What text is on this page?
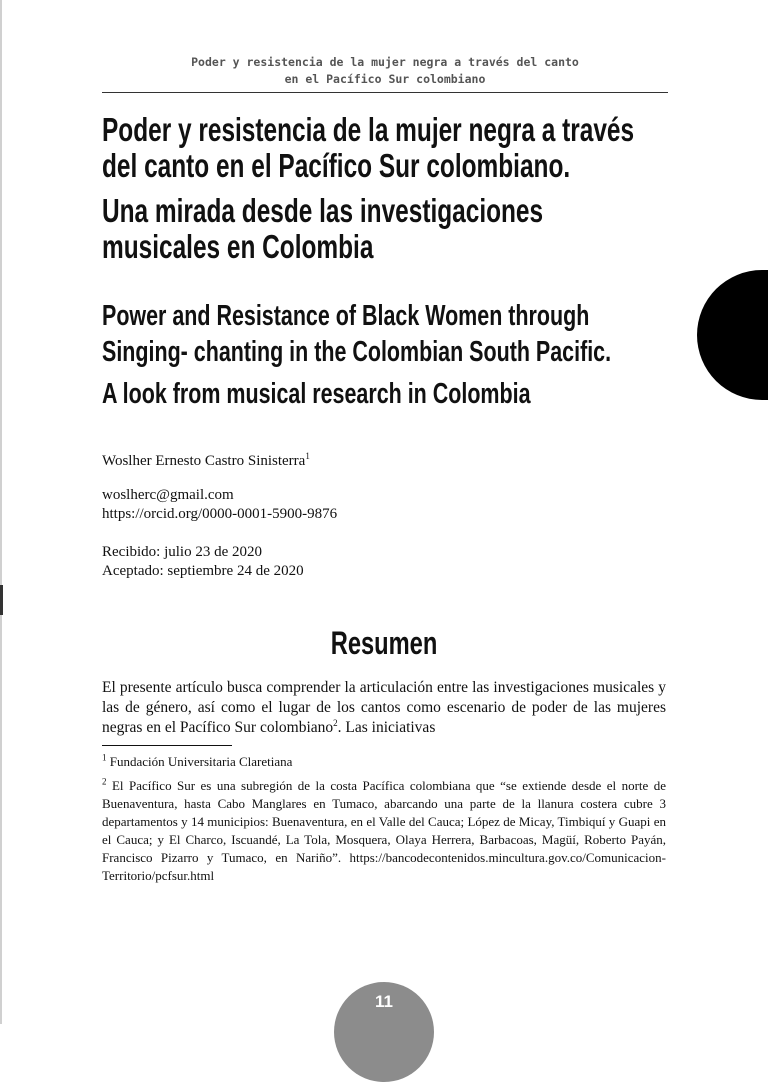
Poder y resistencia de la mujer negra a través del canto
en el Pacífico Sur colombiano
Poder y resistencia de la mujer negra a través
del canto en el Pacífico Sur colombiano.
Una mirada desde las investigaciones
musicales en Colombia
Power and Resistance of Black Women through
Singing- chanting in the Colombian South Pacific.
A look from musical research in Colombia
Woslher Ernesto Castro Sinisterra$^1$
woslherc@gmail.com
https://orcid.org/0000-0001-5900-9876
Recibido: julio 23 de 2020
Aceptado: septiembre 24 de 2020
Resumen
El presente artículo busca comprender la articulación entre las investigaciones musicales y las de género, así como el lugar de los cantos como escenario de poder de las mujeres negras en el Pacífico Sur colombiano$^2$. Las iniciativas
$^1$ Fundación Universitaria Claretiana
$^2$ El Pacífico Sur es una subregión de la costa Pacífica colombiana que “se extiende desde el norte de Buenaventura, hasta Cabo Manglares en Tumaco, abarcando una parte de la llanura costera cubre 3 departamentos y 14 municipios: Buenaventura, en el Valle del Cauca; López de Micay, Timbiquí y Guapi en el Cauca; y El Charco, Iscuandé, La Tola, Mosquera, Olaya Herrera, Barbacoas, Magüí, Roberto Payán, Francisco Pizarro y Tumaco, en Nariño”. https://bancodecontenidos.mincultura.gov.co/Comunicacion-Territorio/pcfsur.html
11
